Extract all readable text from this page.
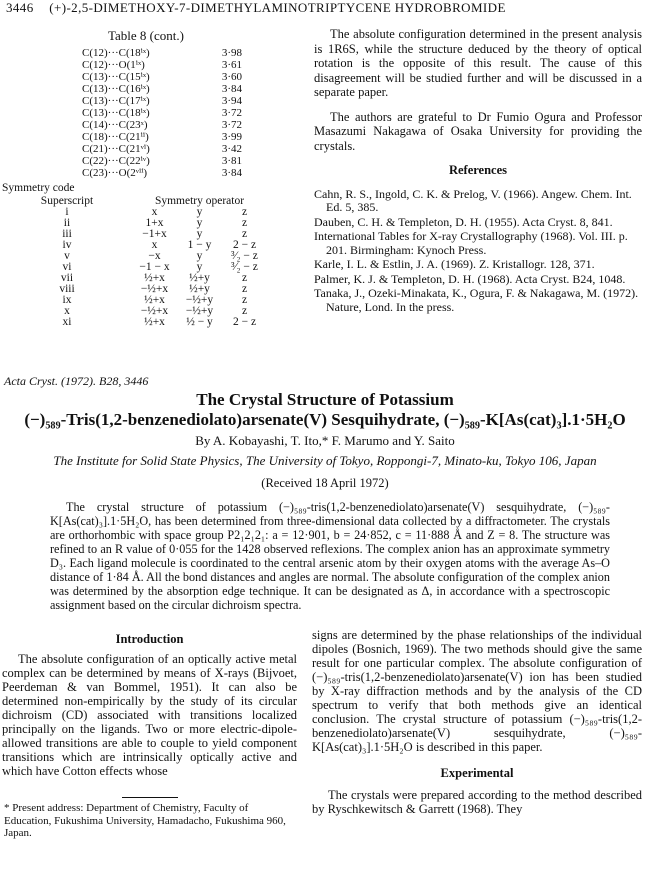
3446 (+)-2,5-DIMETHOXY-7-DIMETHYLAMINOTRIPTYCENE HYDROBROMIDE
Table 8 (cont.)
C(12)···C(18ⁱˣ)	3·98
C(12)···O(1ⁱˣ)	3·61
C(13)···C(15ⁱˣ)	3·60
C(13)···C(16ⁱˣ)	3·84
C(13)···C(17ⁱˣ)	3·94
C(13)···C(18ⁱˣ)	3·72
C(14)···C(23ˣ)	3·72
C(18)···C(21ⁱⁱ)	3·99
C(21)···C(21ᵛⁱ)	3·42
C(22)···C(22ⁱᵛ)	3·81
C(23)···O(2ᵛⁱⁱ)	3·84
Symmetry code
Superscript	Symmetry operator
i	x	y	z
ii	1+x	y	z
iii	−1+x	y	z
iv	x	1 − y	2 − z
v	−x	y	³⁄₂ − z
vi	−1 − x	y	³⁄₂ − z
vii	½+x	½+y	z
viii	−½+x	½+y	z
ix	½+x	−½+y	z
x	−½+x	−½+y	z
xi	½+x	½ − y	2 − z

The absolute configuration determined in the present analysis is 1R6S, while the structure deduced by the theory of optical rotation is the opposite of this result. The cause of this disagreement will be studied further and will be discussed in a separate paper.

The authors are grateful to Dr Fumio Ogura and Professor Masazumi Nakagawa of Osaka University for providing the crystals.

References

Cahn, R. S., Ingold, C. K. & Prelog, V. (1966). Angew. Chem. Int. Ed. 5, 385.
Dauben, C. H. & Templeton, D. H. (1955). Acta Cryst. 8, 841.
International Tables for X-ray Crystallography (1968). Vol. III. p. 201. Birmingham: Kynoch Press.
Karle, I. L. & Estlin, J. A. (1969). Z. Kristallogr. 128, 371.
Palmer, K. J. & Templeton, D. H. (1968). Acta Cryst. B24, 1048.
Tanaka, J., Ozeki-Minakata, K., Ogura, F. & Nakagawa, M. (1972). Nature, Lond. In the press.
Acta Cryst. (1972). B28, 3446
The Crystal Structure of Potassium
(−)₅₈₉-Tris(1,2-benzenediolato)arsenate(V) Sesquihydrate, (−)₅₈₉-K[As(cat)₃].1·5H₂O
By A. Kobayashi, T. Ito,* F. Marumo and Y. Saito
The Institute for Solid State Physics, The University of Tokyo, Roppongi-7, Minato-ku, Tokyo 106, Japan
(Received 18 April 1972)

The crystal structure of potassium (−)₅₈₉-tris(1,2-benzenediolato)arsenate(V) sesquihydrate, (−)₅₈₉-K[As(cat)₃].1·5H₂O, has been determined from three-dimensional data collected by a diffractometer. The crystals are orthorhombic with space group P2₁2₁2₁: a = 12·901, b = 24·852, c = 11·888 Å and Z = 8. The structure was refined to an R value of 0·055 for the 1428 observed reflexions. The complex anion has an approximate symmetry D₃. Each ligand molecule is coordinated to the central arsenic atom by their oxygen atoms with the average As–O distance of 1·84 Å. All the bond distances and angles are normal. The absolute configuration of the complex anion was determined by the absorption edge technique. It can be designated as Δ, in accordance with a spectroscopic assignment based on the circular dichroism spectra.

Introduction

The absolute configuration of an optically active metal complex can be determined by means of X-rays (Bijvoet, Peerdeman & van Bommel, 1951). It can also be determined non-empirically by the study of its circular dichroism (CD) associated with transitions localized principally on the ligands. Two or more electric-dipole-allowed transitions are able to couple to yield component transitions which are intrinsically optically active and which have Cotton effects whose

* Present address: Department of Chemistry, Faculty of Education, Fukushima University, Hamadacho, Fukushima 960, Japan.

signs are determined by the phase relationships of the individual dipoles (Bosnich, 1969). The two methods should give the same result for one particular complex. The absolute configuration of (−)₅₈₉-tris(1,2-benzenediolato)arsenate(V) ion has been studied by X-ray diffraction methods and by the analysis of the CD spectrum to verify that both methods give an identical conclusion. The crystal structure of potassium (−)₅₈₉-tris(1,2-benzenediolato)arsenate(V) sesquihydrate, (−)₅₈₉-K[As(cat)₃].1·5H₂O is described in this paper.

Experimental

The crystals were prepared according to the method described by Ryschkewitsch & Garrett (1968). They
